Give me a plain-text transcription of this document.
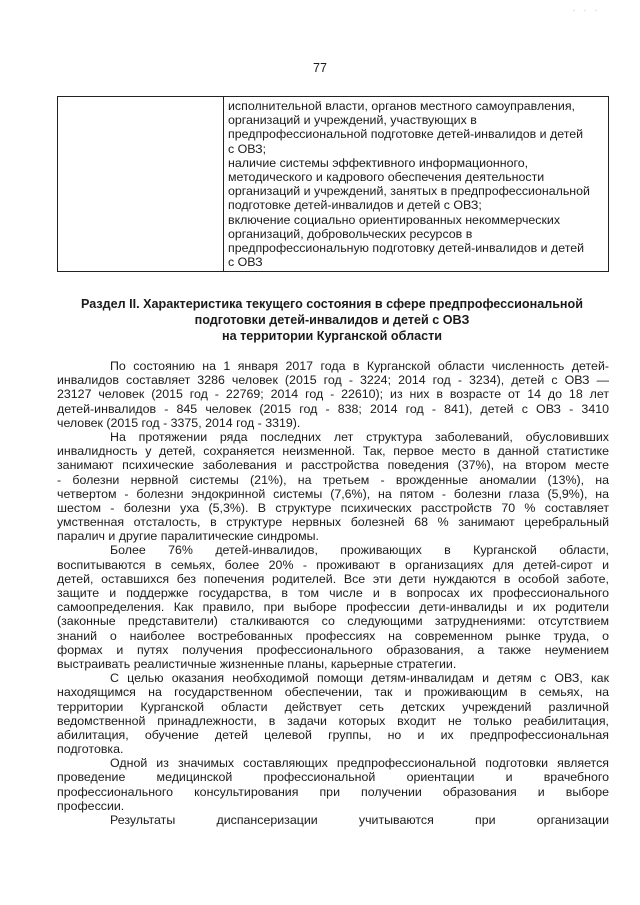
- - -
77
исполнительной власти, органов местного самоуправления,
организаций и учреждений, участвующих в
предпрофессиональной подготовке детей-инвалидов и детей
с ОВЗ;
наличие системы эффективного информационного,
методического и кадрового обеспечения деятельности
организаций и учреждений, занятых в предпрофессиональной
подготовке детей-инвалидов и детей с ОВЗ;
включение социально ориентированных некоммерческих
организаций, добровольческих ресурсов в
предпрофессиональную подготовку детей-инвалидов и детей
с ОВЗ
Раздел II. Характеристика текущего состояния в сфере предпрофессиональной
подготовки детей-инвалидов и детей с ОВЗ
на территории Курганской области
По состоянию на 1 января 2017 года в Курганской области численность детей-
инвалидов составляет 3286 человек (2015 год - 3224; 2014 год - 3234), детей с ОВЗ —
23127 человек (2015 год - 22769; 2014 год - 22610); из них в возрасте от 14 до 18 лет
детей-инвалидов - 845 человек (2015 год - 838; 2014 год - 841), детей с ОВЗ - 3410
человек (2015 год - 3375, 2014 год - 3319).
На протяжении ряда последних лет структура заболеваний, обусловивших
инвалидность у детей, сохраняется неизменной. Так, первое место в данной статистике
занимают психические заболевания и расстройства поведения (37%), на втором месте
- болезни нервной системы (21%), на третьем - врожденные аномалии (13%), на
четвертом - болезни эндокринной системы (7,6%), на пятом - болезни глаза (5,9%), на
шестом - болезни уха (5,3%). В структуре психических расстройств 70 % составляет
умственная отсталость, в структуре нервных болезней 68 % занимают церебральный
паралич и другие паралитические синдромы.
Более 76% детей-инвалидов, проживающих в Курганской области,
воспитываются в семьях, более 20% - проживают в организациях для детей-сирот и
детей, оставшихся без попечения родителей. Все эти дети нуждаются в особой заботе,
защите и поддержке государства, в том числе и в вопросах их профессионального
самоопределения. Как правило, при выборе профессии дети-инвалиды и их родители
(законные представители) сталкиваются со следующими затруднениями: отсутствием
знаний о наиболее востребованных профессиях на современном рынке труда, о
формах и путях получения профессионального образования, а также неумением
выстраивать реалистичные жизненные планы, карьерные стратегии.
С целью оказания необходимой помощи детям-инвалидам и детям с ОВЗ, как
находящимся на государственном обеспечении, так и проживающим в семьях, на
территории Курганской области действует сеть детских учреждений различной
ведомственной принадлежности, в задачи которых входит не только реабилитация,
абилитация, обучение детей целевой группы, но и их предпрофессиональная
подготовка.
Одной из значимых составляющих предпрофессиональной подготовки является
проведение медицинской профессиональной ориентации и врачебного
профессионального консультирования при получении образования и выборе
профессии.
Результаты диспансеризации учитываются при организации
